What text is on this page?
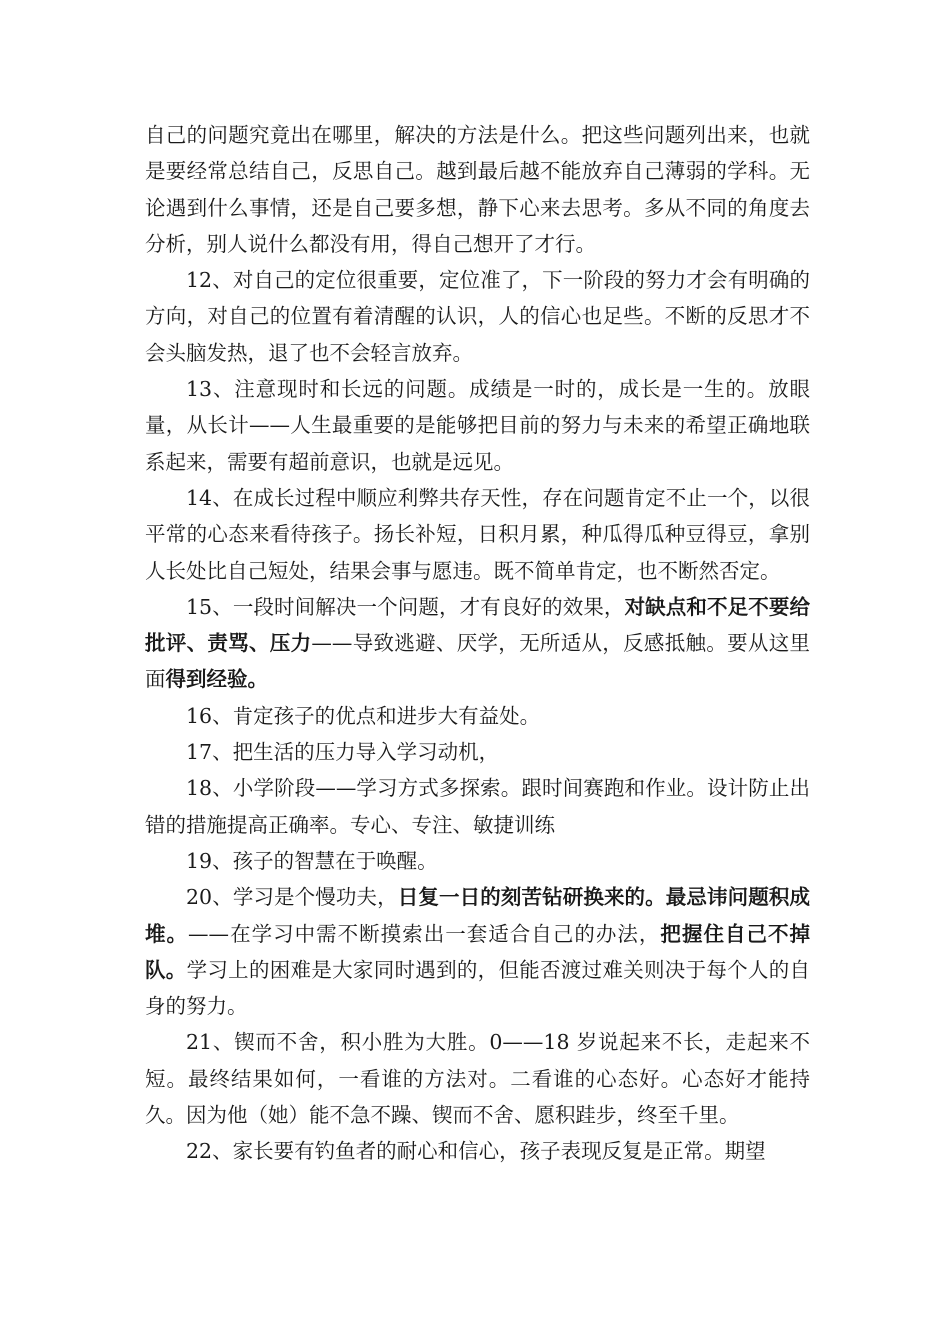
自己的问题究竟出在哪里，解决的方法是什么。把这些问题列出来，也就是要经常总结自己，反思自己。越到最后越不能放弃自己薄弱的学科。无论遇到什么事情，还是自己要多想，静下心来去思考。多从不同的角度去分析，别人说什么都没有用，得自己想开了才行。

12、对自己的定位很重要，定位准了，下一阶段的努力才会有明确的方向，对自己的位置有着清醒的认识，人的信心也足些。不断的反思才不会头脑发热，退了也不会轻言放弃。

13、注意现时和长远的问题。成绩是一时的，成长是一生的。放眼量，从长计——人生最重要的是能够把目前的努力与未来的希望正确地联系起来，需要有超前意识，也就是远见。

14、在成长过程中顺应利弊共存天性，存在问题肯定不止一个，以很平常的心态来看待孩子。扬长补短，日积月累，种瓜得瓜种豆得豆，拿别人长处比自己短处，结果会事与愿违。既不简单肯定，也不断然否定。

15、一段时间解决一个问题，才有良好的效果，对缺点和不足不要给批评、责骂、压力——导致逃避、厌学，无所适从，反感抵触。要从这里面得到经验。

16、肯定孩子的优点和进步大有益处。

17、把生活的压力导入学习动机，

18、小学阶段——学习方式多探索。跟时间赛跑和作业。设计防止出错的措施提高正确率。专心、专注、敏捷训练

19、孩子的智慧在于唤醒。

20、学习是个慢功夫，日复一日的刻苦钻研换来的。最忌讳问题积成堆。——在学习中需不断摸索出一套适合自己的办法，把握住自己不掉队。学习上的困难是大家同时遇到的，但能否渡过难关则决于每个人的自身的努力。

21、锲而不舍，积小胜为大胜。0——18 岁说起来不长，走起来不短。最终结果如何，一看谁的方法对。二看谁的心态好。心态好才能持久。因为他（她）能不急不躁、锲而不舍、愿积跬步，终至千里。

22、家长要有钓鱼者的耐心和信心，孩子表现反复是正常。期望
